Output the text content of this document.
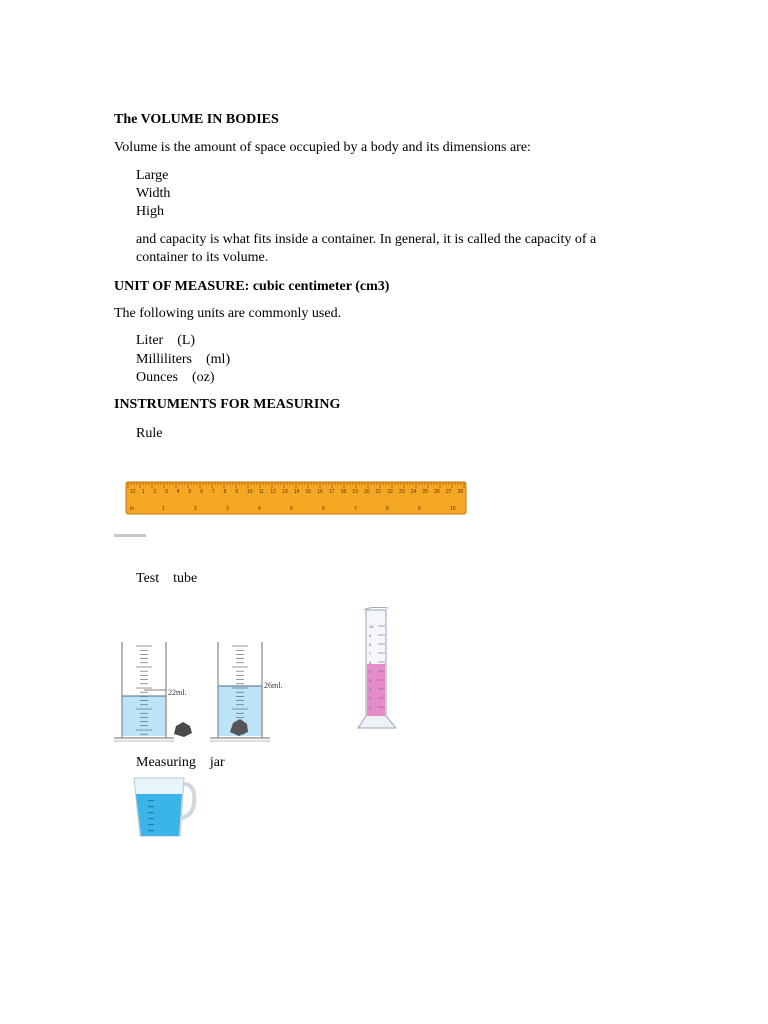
The VOLUME IN BODIES
Volume is the amount of space occupied by a body and its dimensions are:
Large
Width
High
and capacity is what fits inside a container. In general, it is called the capacity of a container to its volume.
UNIT OF MEASURE: cubic centimeter (cm3)
The following units are commonly used.
Liter    (L)
Milliliters    (ml)
Ounces    (oz)
INSTRUMENTS FOR MEASURING
Rule
12 1 2 3 4 5 6 7 8 9 10 11 12 13 14 15 16 17 18 19 20 21 22 23 24 25 26 27 28
in	1	2	3	4	5	6	7	8	9	10
Test    tube
22ml.
26ml.
10
9
8
7
6
5
4
3
2
1
Measuring    jar
